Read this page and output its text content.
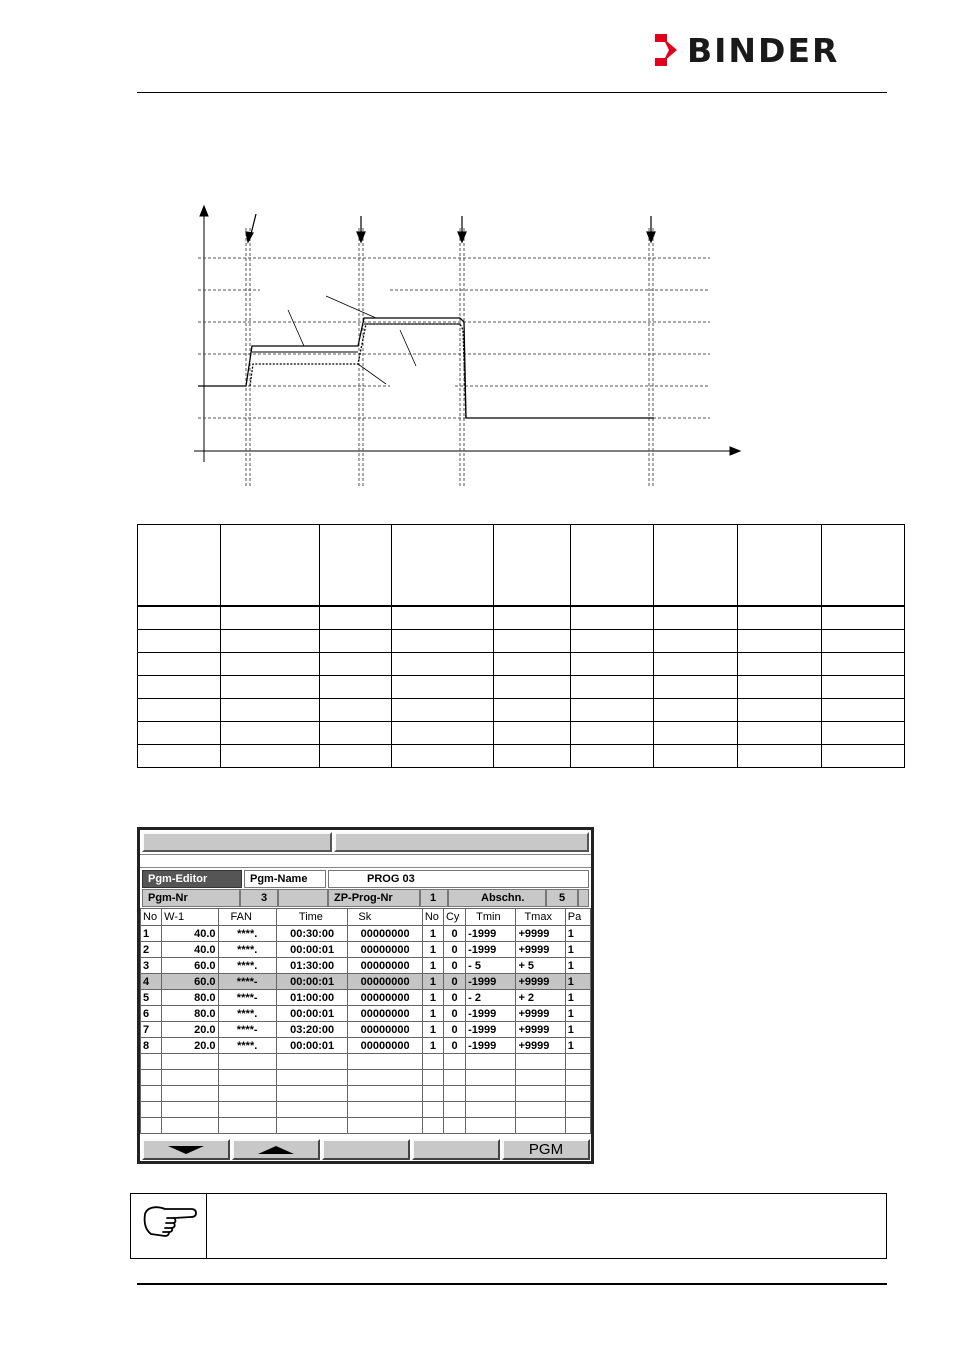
BINDER

Pgm-Editor	Pgm-Name	PROG 03
Pgm-Nr	3	ZP-Prog-Nr	1	Abschn.	5
No	W-1	FAN	Time	Sk	No	Cy	Tmin	Tmax	Pa
1	40.0	****.	00:30:00	00000000	1	0	-1999	+9999	1
2	40.0	****.	00:00:01	00000000	1	0	-1999	+9999	1
3	60.0	****.	01:30:00	00000000	1	0	- 5	+ 5	1
4	60.0	****-	00:00:01	00000000	1	0	-1999	+9999	1
5	80.0	****-	01:00:00	00000000	1	0	- 2	+ 2	1
6	80.0	****.	00:00:01	00000000	1	0	-1999	+9999	1
7	20.0	****-	03:20:00	00000000	1	0	-1999	+9999	1
8	20.0	****.	00:00:01	00000000	1	0	-1999	+9999	1

PGM
